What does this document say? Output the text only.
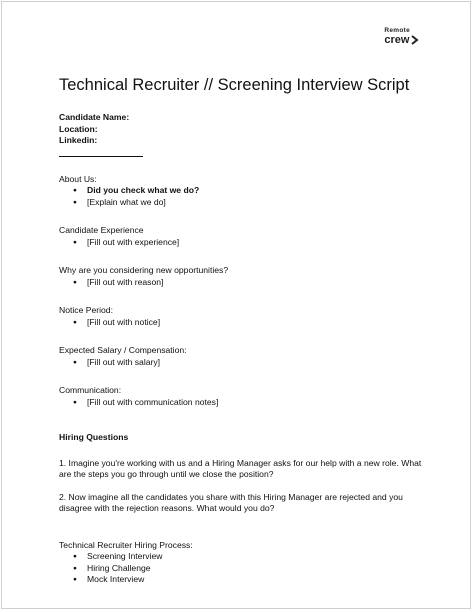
Remote
crew
Technical Recruiter // Screening Interview Script
Candidate Name:
Location:
Linkedin:
About Us:
● Did you check what we do?
● [Explain what we do]
Candidate Experience
● [Fill out with experience]
Why are you considering new opportunities?
● [Fill out with reason]
Notice Period:
● [Fill out with notice]
Expected Salary / Compensation:
● [Fill out with salary]
Communication:
● [Fill out with communication notes]
Hiring Questions
1. Imagine you're working with us and a Hiring Manager asks for our help with a new role. What are the steps you go through until we close the position?
2. Now imagine all the candidates you share with this Hiring Manager are rejected and you disagree with the rejection reasons. What would you do?
Technical Recruiter Hiring Process:
● Screening Interview
● Hiring Challenge
● Mock Interview
